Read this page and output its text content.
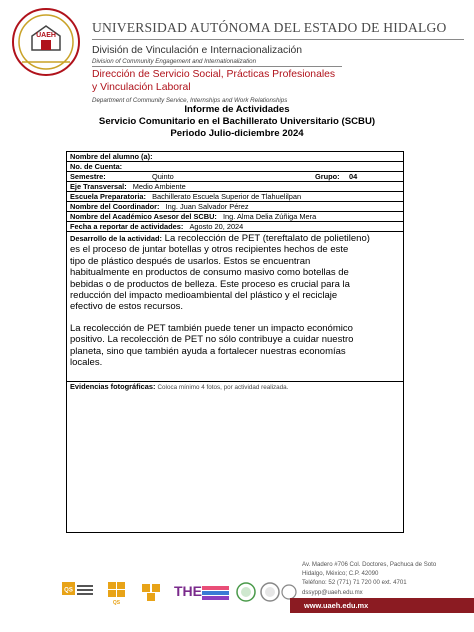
UAEH
UNIVERSIDAD AUTÓNOMA DEL ESTADO DE HIDALGO
División de Vinculación e Internacionalización
Division of Community Engagement and Internationalization
Dirección de Servicio Social, Prácticas Profesionales
y Vinculación Laboral
Department of Community Service, Internships and Work Relationships
Informe de Actividades
Servicio Comunitario en el Bachillerato Universitario (SCBU)
Periodo Julio-diciembre 2024
Nombre del alumno (a):
No. de Cuenta:
Semestre:	Quinto	Grupo: 04
Eje Transversal: Medio Ambiente
Escuela Preparatoria: Bachillerato Escuela Superior de Tlahuelilpan
Nombre del Coordinador: Ing. Juan Salvador Pérez
Nombre del Académico Asesor del SCBU: Ing. Alma Delia Zúñiga Mera
Fecha a reportar de actividades: Agosto 20, 2024
Desarrollo de la actividad: La recolección de PET (tereftalato de polietileno)
es el proceso de juntar botellas y otros recipientes hechos de este
tipo de plástico después de usarlos. Estos se encuentran
habitualmente en productos de consumo masivo como botellas de
bebidas o de productos de belleza. Este proceso es crucial para la
reducción del impacto medioambiental del plástico y el reciclaje
efectivo de estos recursos.
La recolección de PET también puede tener un impacto económico
positivo. La recolección de PET no sólo contribuye a cuidar nuestro
planeta, sino que también ayuda a fortalecer nuestras economías
locales.
Evidencias fotográficas: Coloca mínimo 4 fotos, por actividad realizada.
Av. Madero #706 Col. Doctores, Pachuca de Soto
Hidalgo, México; C.P. 42090
Teléfono: 52 (771) 71 720 00 ext. 4701
dssypp@uaeh.edu.mx
QS
QS
THE
www.uaeh.edu.mx
